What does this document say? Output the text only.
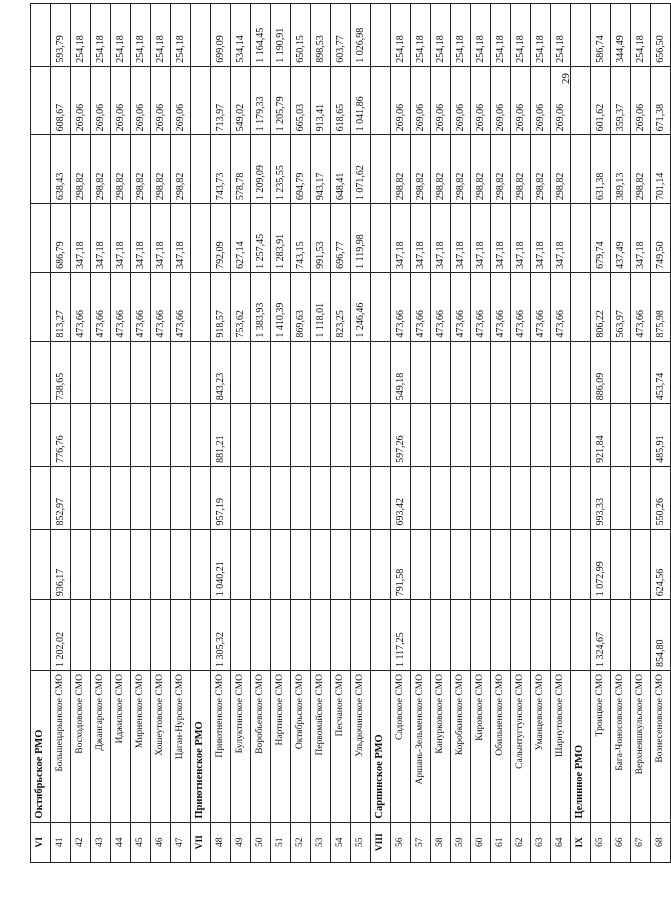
VI	Октябрьское РМО										
41	Большецарынское СМО	1 202,02	936,17	852,97	776,76	738,65	813,27	686,79	638,43	608,67	593,79
42	Восходовское СМО						473,66	347,18	298,82	269,06	254,18
43	Джангарское СМО						473,66	347,18	298,82	269,06	254,18
44	Иджилское СМО						473,66	347,18	298,82	269,06	254,18
45	Мирненское СМО						473,66	347,18	298,82	269,06	254,18
46	Хошеутовское СМО						473,66	347,18	298,82	269,06	254,18
47	Цаган-Нурское СМО						473,66	347,18	298,82	269,06	254,18
VII	Приютненское РМО										
48	Приютненское СМО	1 305,32	1 040,21	957,19	881,21	843,23	918,57	792,09	743,73	713,97	699,09
49	Булуктинское СМО						753,62	627,14	578,78	549,02	534,14
50	Воробьевское СМО						1 383,93	1 257,45	1 209,09	1 179,33	1 164,45
51	Нартинское СМО						1 410,39	1 283,91	1 235,55	1 205,79	1 190,91
52	Октябрьское СМО						869,63	743,15	694,79	665,03	650,15
53	Первомайское СМО						1 118,01	991,53	943,17	913,41	898,53
54	Песчаное СМО						823,25	696,77	648,41	618,65	603,77
55	Ульдючинское СМО						1 246,46	1 119,98	1 071,62	1 041,86	1 026,98
VIII	Сарпинское РМО										
56	Садовское СМО	1 117,25	791,58	693,42	597,26	549,18	473,66	347,18	298,82	269,06	254,18
57	Аршань-Зельменское СМО						473,66	347,18	298,82	269,06	254,18
58	Канурковское СМО						473,66	347,18	298,82	269,06	254,18
59	Коробкинское СМО						473,66	347,18	298,82	269,06	254,18
60	Кировское СМО						473,66	347,18	298,82	269,06	254,18
61	Обильненское СМО						473,66	347,18	298,82	269,06	254,18
62	Салынтугтунское СМО						473,66	347,18	298,82	269,06	254,18
63	Уманцевское СМО						473,66	347,18	298,82	269,06	254,18
64	Шарнутовское СМО						473,66	347,18	298,82	269,06	254,18
IX	Целинное РМО										
65	Троицкое СМО	1 324,67	1 072,99	993,33	921,84	886,09	806,22	679,74	631,38	601,62	586,74
66	Бага-Чоносовское СМО						563,97	437,49	389,13	359,37	344,49
67	Верхнеяшкульское СМО						473,66	347,18	298,82	269,06	254,18
68	Вознесеновское СМО	854,80	624,56	550,26	485,91	453,74	875,98	749,50	701,14	671,38	656,50
29
